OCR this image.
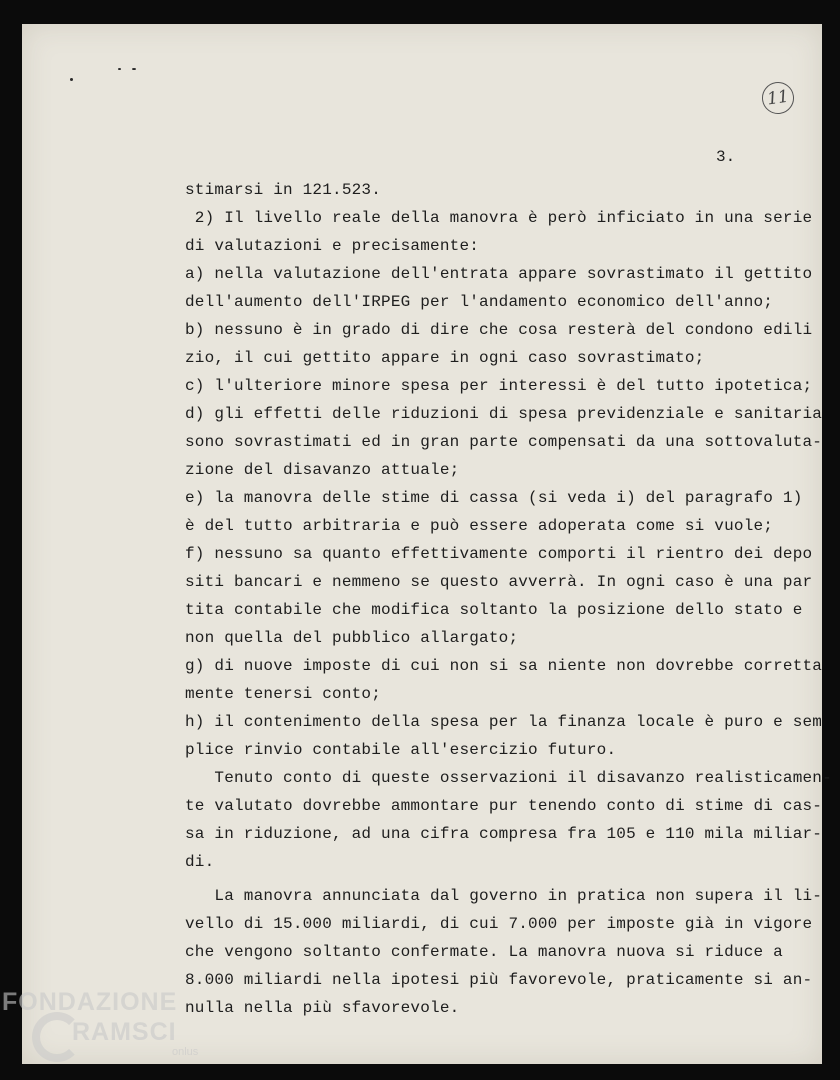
11
3.
stimarsi in 121.523.
2) Il livello reale della manovra è però inficiato in una serie
di valutazioni e precisamente:
a) nella valutazione dell'entrata appare sovrastimato il gettito
dell'aumento dell'IRPEG per l'andamento economico dell'anno;
b) nessuno è in grado di dire che cosa resterà del condono edili
zio, il cui gettito appare in ogni caso sovrastimato;
c) l'ulteriore minore spesa per interessi è del tutto ipotetica;
d) gli effetti delle riduzioni di spesa previdenziale e sanitaria
sono sovrastimati ed in gran parte compensati da una sottovaluta-
zione del disavanzo attuale;
e) la manovra delle stime di cassa (si veda i) del paragrafo 1)
è del tutto arbitraria e può essere adoperata come si vuole;
f) nessuno sa quanto effettivamente comporti il rientro dei depo
siti bancari e nemmeno se questo avverrà. In ogni caso è una par
tita contabile che modifica soltanto la posizione dello stato e
non quella del pubblico allargato;
g) di nuove imposte di cui non si sa niente non dovrebbe corretta
mente tenersi conto;
h) il contenimento della spesa per la finanza locale è puro e sem
plice rinvio contabile all'esercizio futuro.
Tenuto conto di queste osservazioni il disavanzo realisticamen-
te valutato dovrebbe ammontare pur tenendo conto di stime di cas-
sa in riduzione, ad una cifra compresa fra 105 e 110 mila miliar-
di.
La manovra annunciata dal governo in pratica non supera il li-
vello di 15.000 miliardi, di cui 7.000 per imposte già in vigore
che vengono soltanto confermate. La manovra nuova si riduce a
8.000 miliardi nella ipotesi più favorevole, praticamente si an-
nulla nella più sfavorevole.
FONDAZIONE
RAMSCI
onlus
